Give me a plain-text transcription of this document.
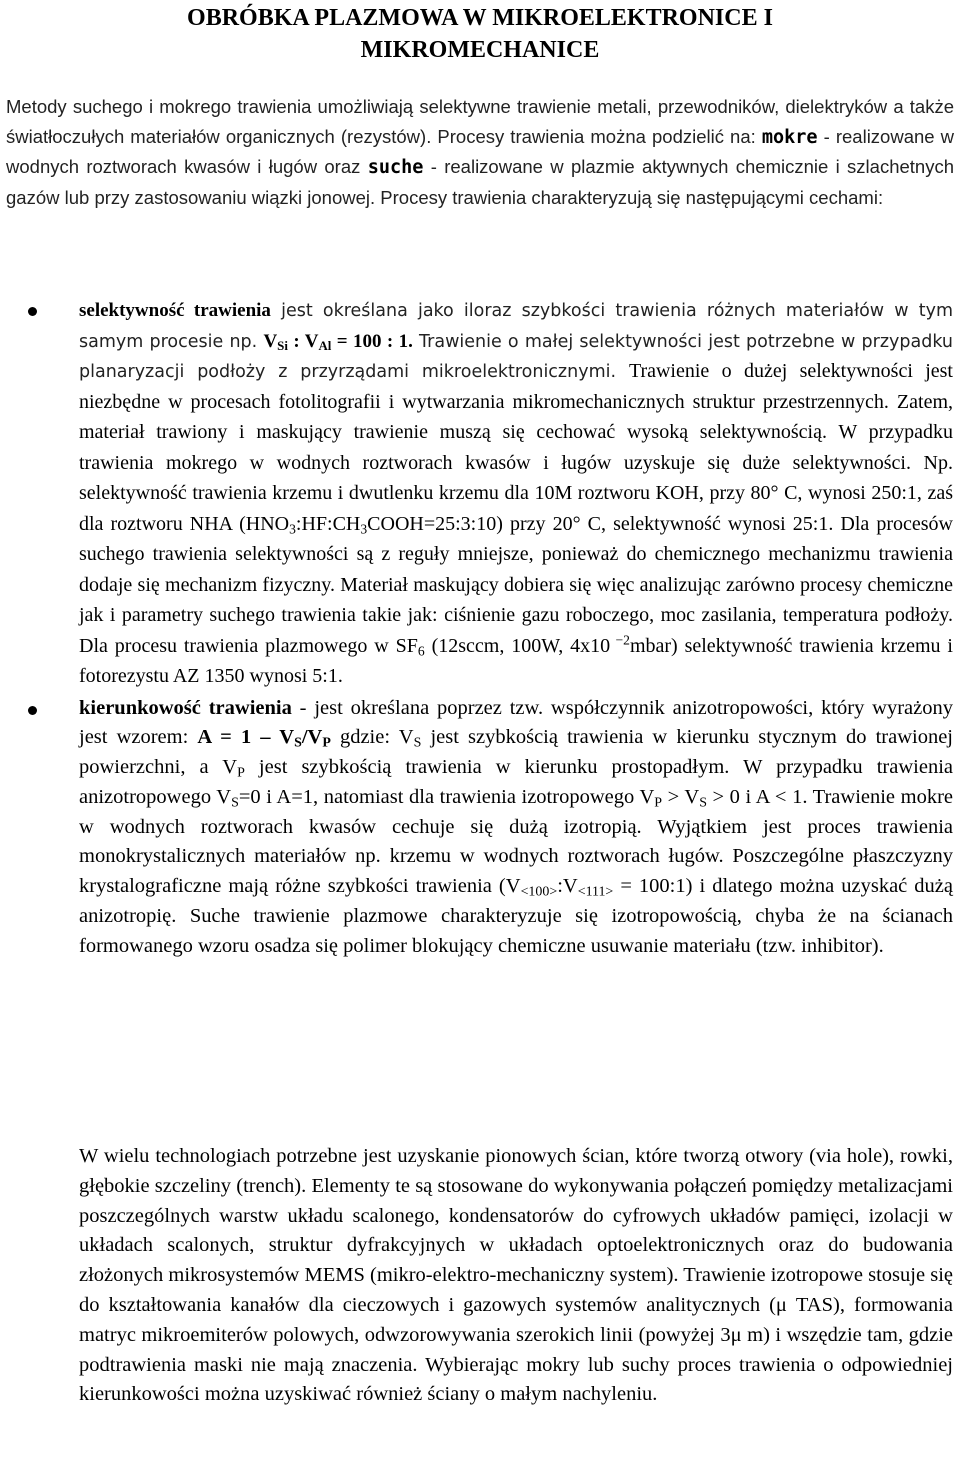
OBRÓBKA PLAZMOWA W MIKROELEKTRONICE I
MIKROMECHANICE

Metody suchego i mokrego trawienia umożliwiają selektywne trawienie metali, przewodników, dielektryków a także światłoczułych materiałów organicznych (rezystów). Procesy trawienia można podzielić na: mokre - realizowane w wodnych roztworach kwasów i ługów oraz suche - realizowane w plazmie aktywnych chemicznie i szlachetnych gazów lub przy zastosowaniu wiązki jonowej. Procesy trawienia charakteryzują się następującymi cechami:

selektywność trawienia jest określana jako iloraz szybkości trawienia różnych materiałów w tym samym procesie np. $V_{Si}$ : $V_{Al} = 100$ : 1. Trawienie o małej selektywności jest potrzebne w przypadku planaryzacji podłoży z przyrządami mikroelektronicznymi. Trawienie o dużej selektywności jest niezbędne w procesach fotolitografii i wytwarzania mikromechanicznych struktur przestrzennych. Zatem, materiał trawiony i maskujący trawienie muszą się cechować wysoką selektywnością. W przypadku trawienia mokrego w wodnych roztworach kwasów i ługów uzyskuje się duże selektywności. Np. selektywność trawienia krzemu i dwutlenku krzemu dla 10M roztworu KOH, przy 80° C, wynosi 250:1, zaś dla roztworu NHA $(HNO_3:HF:CH_3COOH=25:3:10)$ przy 20° C, selektywność wynosi 25:1. Dla procesów suchego trawienia selektywności są z reguły mniejsze, ponieważ do chemicznego mechanizmu trawienia dodaje się mechanizm fizyczny. Materiał maskujący dobiera się więc analizując zarówno procesy chemiczne jak i parametry suchego trawienia takie jak: ciśnienie gazu roboczego, moc zasilania, temperatura podłoży. Dla procesu trawienia plazmowego w $SF_6$ (12sccm, 100W, 4x10 $^{-2}$mbar) selektywność trawienia krzemu i fotorezystu AZ 1350 wynosi 5:1.
kierunkowość trawienia - jest określana poprzez tzw. współczynnik anizotropowości, który wyrażony jest wzorem: $A = 1 - V_S/V_P$ gdzie: $V_S$ jest szybkością trawienia w kierunku stycznym do trawionej powierzchni, a $V_P$ jest szybkością trawienia w kierunku prostopadłym. W przypadku trawienia anizotropowego $V_S=0$ i A=1, natomiast dla trawienia izotropowego $V_P > V_S > 0$ i A < 1. Trawienie mokre w wodnych roztworach kwasów cechuje się dużą izotropią. Wyjątkiem jest proces trawienia monokrystalicznych materiałów np. krzemu w wodnych roztworach ługów. Poszczególne płaszczyzny krystalograficzne mają różne szybkości trawienia ($V_{<100>}:V_{<111>}$ = 100:1) i dlatego można uzyskać dużą anizotropię. Suche trawienie plazmowe charakteryzuje się izotropowością, chyba że na ścianach formowanego wzoru osadza się polimer blokujący chemiczne usuwanie materiału (tzw. inhibitor).

W wielu technologiach potrzebne jest uzyskanie pionowych ścian, które tworzą otwory (via hole), rowki, głębokie szczeliny (trench). Elementy te są stosowane do wykonywania połączeń pomiędzy metalizacjami poszczególnych warstw układu scalonego, kondensatorów do cyfrowych układów pamięci, izolacji w układach scalonych, struktur dyfrakcyjnych w układach optoelektronicznych oraz do budowania złożonych mikrosystemów MEMS (mikro-elektro-mechaniczny system). Trawienie izotropowe stosuje się do kształtowania kanałów dla cieczowych i gazowych systemów analitycznych (μ TAS), formowania matryc mikroemiterów polowych, odwzorowywania szerokich linii (powyżej 3μ m) i wszędzie tam, gdzie podtrawienia maski nie mają znaczenia. Wybierając mokry lub suchy proces trawienia o odpowiedniej kierunkowości można uzyskiwać również ściany o małym nachyleniu.
